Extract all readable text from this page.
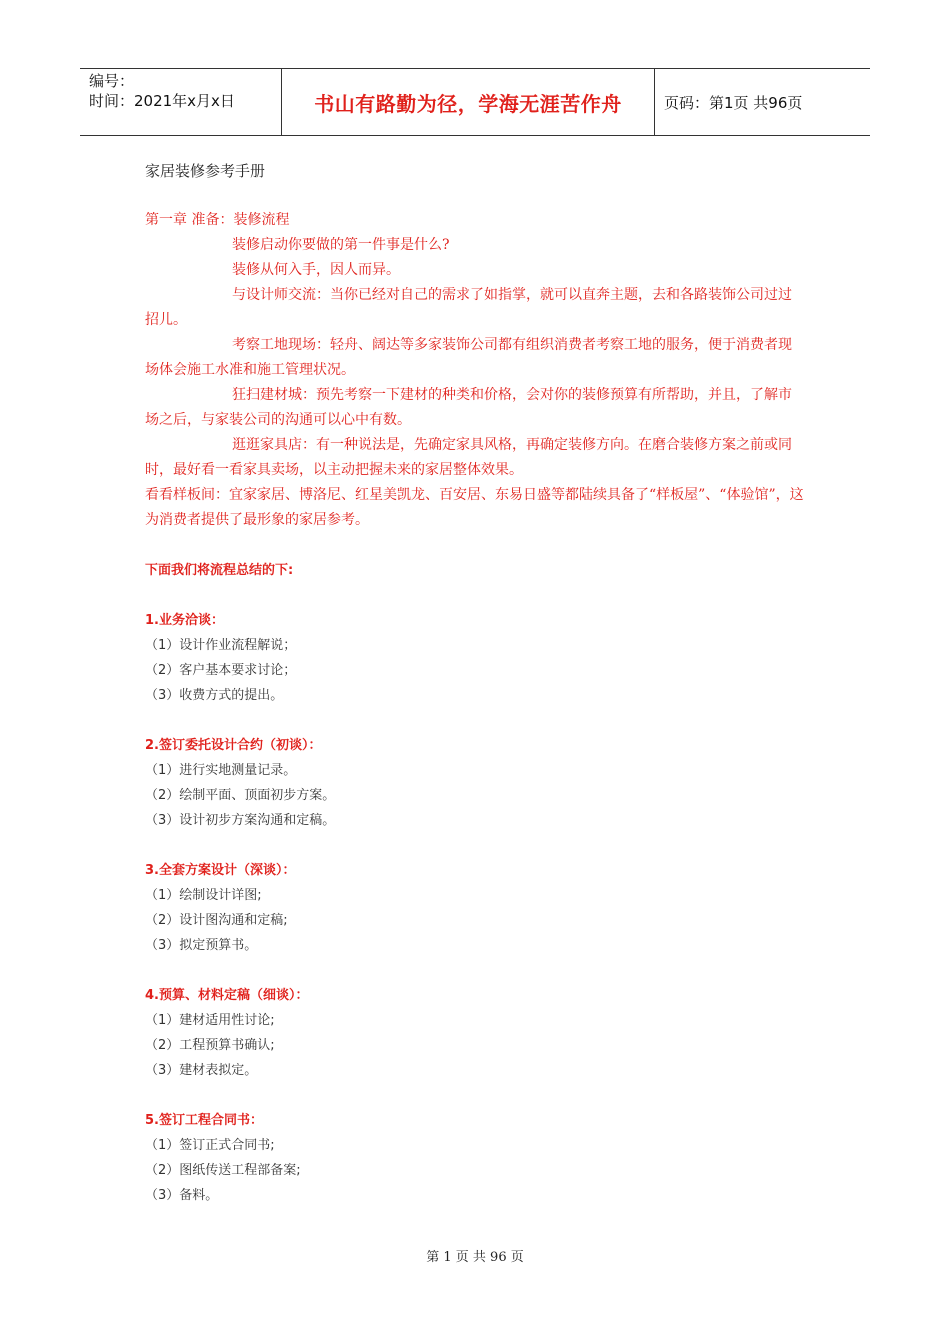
编号：
时间：2021年x月x日	书山有路勤为径，学海无涯苦作舟	页码：第1页 共96页
家居装修参考手册

第一章 准备：装修流程

装修启动你要做的第一件事是什么?

装修从何入手，因人而异。

与设计师交流：当你已经对自己的需求了如指掌，就可以直奔主题，去和各路装饰公司过过招儿。

考察工地现场：轻舟、阔达等多家装饰公司都有组织消费者考察工地的服务，便于消费者现场体会施工水准和施工管理状况。

狂扫建材城：预先考察一下建材的种类和价格，会对你的装修预算有所帮助，并且，了解市场之后，与家装公司的沟通可以心中有数。

逛逛家具店：有一种说法是，先确定家具风格，再确定装修方向。在磨合装修方案之前或同时，最好看一看家具卖场，以主动把握未来的家居整体效果。

看看样板间：宜家家居、博洛尼、红星美凯龙、百安居、东易日盛等都陆续具备了“样板屋”、“体验馆”，这为消费者提供了最形象的家居参考。

下面我们将流程总结的下:

1.业务洽谈：

（1）设计作业流程解说；

（2）客户基本要求讨论；

（3）收费方式的提出。

2.签订委托设计合约（初谈）：

（1）进行实地测量记录。

（2）绘制平面、顶面初步方案。

（3）设计初步方案沟通和定稿。

3.全套方案设计（深谈）：

（1）绘制设计详图;

（2）设计图沟通和定稿;

（3）拟定预算书。

4.预算、材料定稿（细谈）：

（1）建材适用性讨论;

（2）工程预算书确认;

（3）建材表拟定。

5.签订工程合同书：

（1）签订正式合同书;

（2）图纸传送工程部备案;

（3）备料。

第 1 页 共 96 页
